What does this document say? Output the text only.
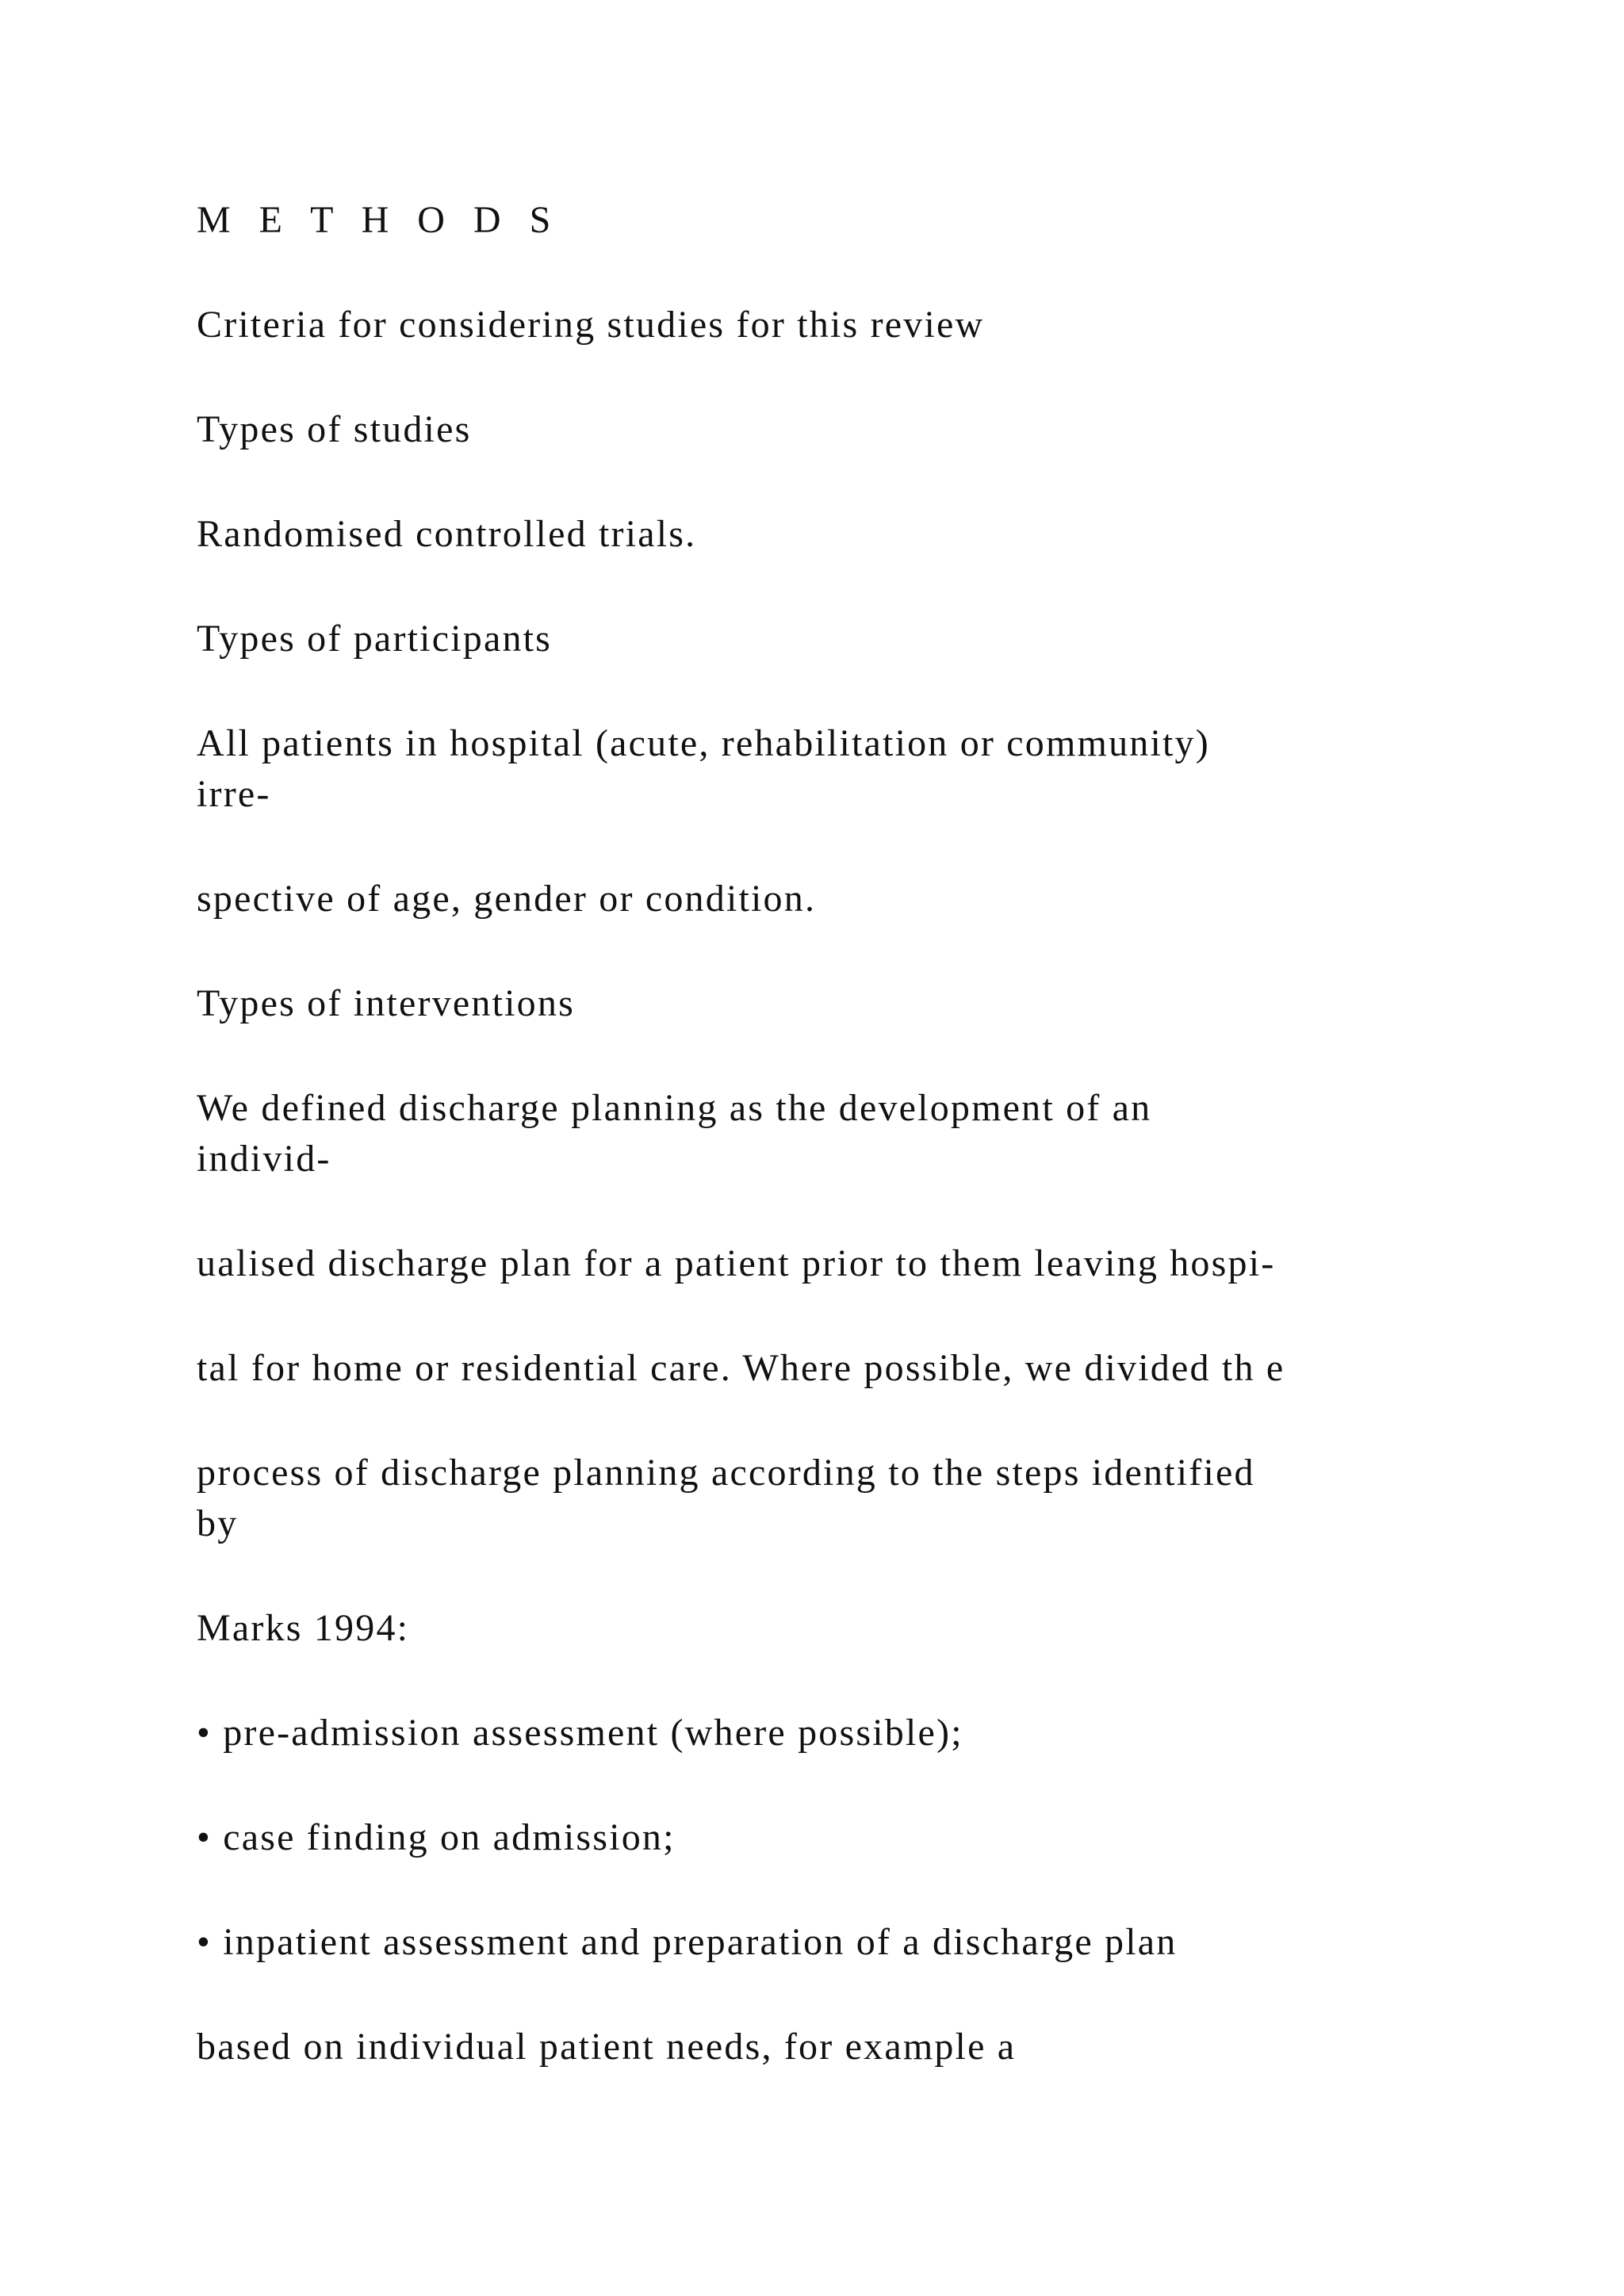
M E T H O D S

Criteria for considering studies for this review

Types of studies

Randomised controlled trials.

Types of participants

All patients in hospital (acute, rehabilitation or community)

irre-

spective of age, gender or condition.

Types of interventions

We defined discharge planning as the development of an

individ-

ualised discharge plan for a patient prior to them leaving hospi-

tal for home or residential care. Where possible, we divided th e

process of discharge planning according to the steps identified

by

Marks 1994:

• pre-admission assessment (where possible);

• case finding on admission;

• inpatient assessment and preparation of a discharge plan

based on individual patient needs, for example a
